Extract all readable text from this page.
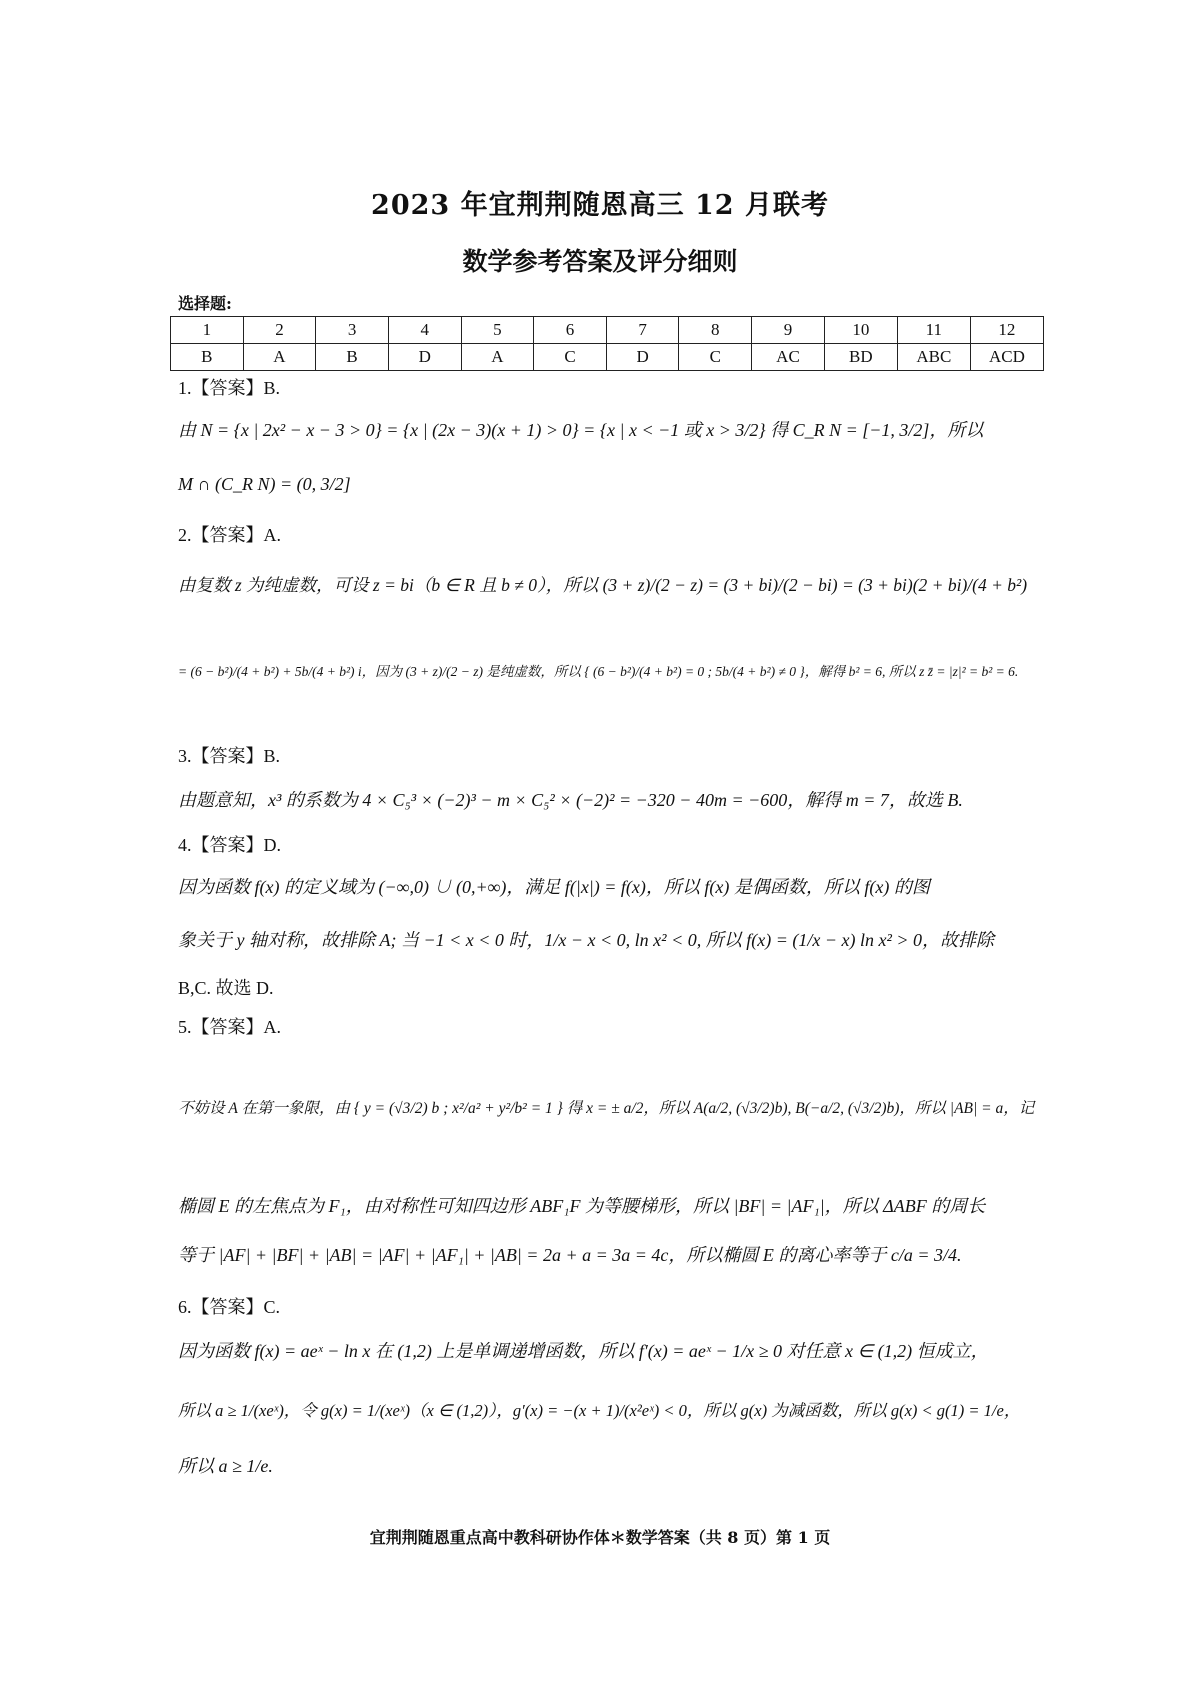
2023 年宜荆荆随恩高三 12 月联考
数学参考答案及评分细则
选择题:
1	2	3	4	5	6	7	8	9	10	11	12
B	A	B	D	A	C	D	C	AC	BD	ABC	ACD
1.【答案】B.
由 N = {x | 2x² − x − 3 > 0} = {x | (2x − 3)(x + 1) > 0} = {x | x < −1 或 x > 3/2} 得 C_R N = [−1, 3/2]，所以
M ∩ (C_R N) = (0, 3/2]
2.【答案】A.
由复数 z 为纯虚数，可设 z = bi（b ∈ R 且 b ≠ 0），所以 (3 + z)/(2 − z) = (3 + bi)/(2 − bi) = (3 + bi)(2 + bi)/(4 + b²)
= (6 − b²)/(4 + b²) + 5b/(4 + b²) i，因为 (3 + z)/(2 − z) 是纯虚数，所以 { (6 − b²)/(4 + b²) = 0 ; 5b/(4 + b²) ≠ 0 }，解得 b² = 6, 所以 z z̄ = |z|² = b² = 6.
3.【答案】B.
由题意知，x³ 的系数为 4 × C₅³ × (−2)³ − m × C₅² × (−2)² = −320 − 40m = −600，解得 m = 7，故选 B.
4.【答案】D.
因为函数 f(x) 的定义域为 (−∞,0) ∪ (0,+∞)，满足 f(|x|) = f(x)，所以 f(x) 是偶函数，所以 f(x) 的图
象关于 y 轴对称，故排除 A; 当 −1 < x < 0 时，1/x − x < 0, ln x² < 0, 所以 f(x) = (1/x − x) ln x² > 0，故排除
B,C. 故选 D.
5.【答案】A.
不妨设 A 在第一象限，由 { y = (√3/2) b ; x²/a² + y²/b² = 1 } 得 x = ± a/2，所以 A(a/2, (√3/2)b), B(−a/2, (√3/2)b)，所以 |AB| = a，记
椭圆 E 的左焦点为 F₁，由对称性可知四边形 ABF₁F 为等腰梯形，所以 |BF| = |AF₁|，所以 ΔABF 的周长
等于 |AF| + |BF| + |AB| = |AF| + |AF₁| + |AB| = 2a + a = 3a = 4c，所以椭圆 E 的离心率等于 c/a = 3/4.
6.【答案】C.
因为函数 f(x) = aeˣ − ln x 在 (1,2) 上是单调递增函数，所以 f′(x) = aeˣ − 1/x ≥ 0 对任意 x ∈ (1,2) 恒成立，
所以 a ≥ 1/(xeˣ)，令 g(x) = 1/(xeˣ)（x ∈ (1,2)），g′(x) = −(x + 1)/(x²eˣ) < 0，所以 g(x) 为减函数，所以 g(x) < g(1) = 1/e，
所以 a ≥ 1/e.
宜荆荆随恩重点高中教科研协作体＊数学答案（共 8 页）第 1 页
